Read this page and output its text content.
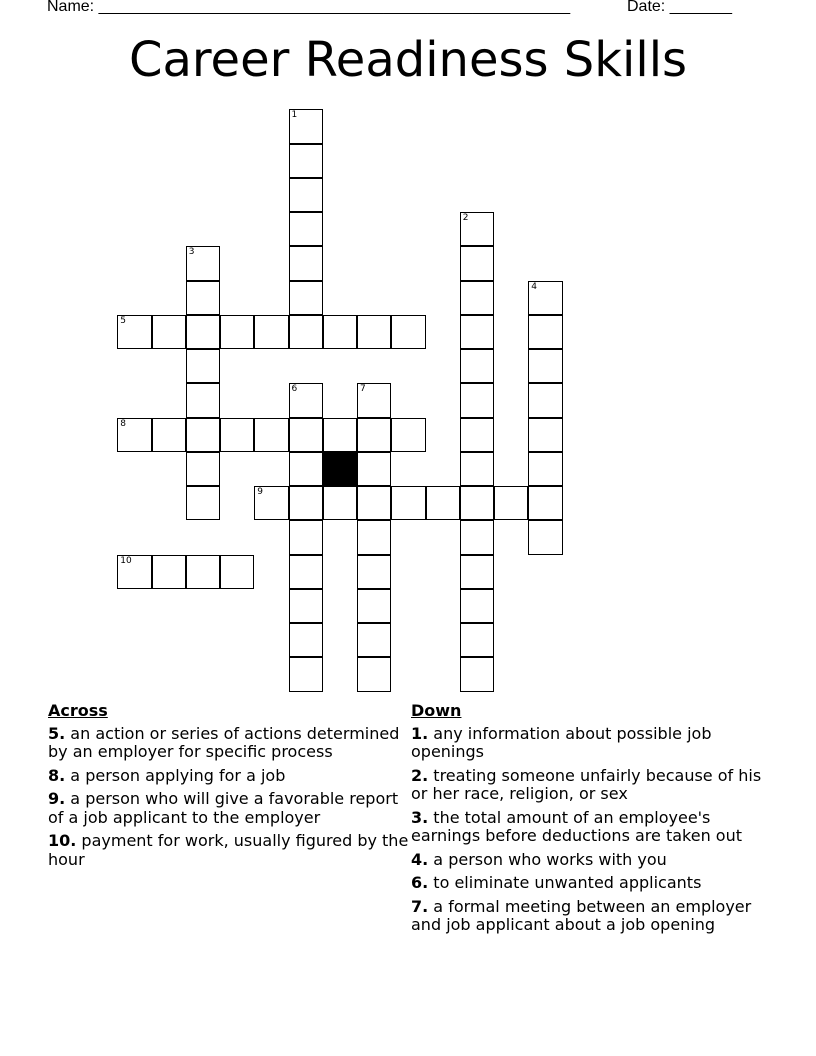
Name: _____________________________________________________	Date: _______
Career Readiness Skills
1
2
3
4
5
6	7
8
9
10
Across
5. an action or series of actions determined by an employer for specific process
8. a person applying for a job
9. a person who will give a favorable report of a job applicant to the employer
10. payment for work, usually figured by the hour
Down
1. any information about possible job openings
2. treating someone unfairly because of his or her race, religion, or sex
3. the total amount of an employee's earnings before deductions are taken out
4. a person who works with you
6. to eliminate unwanted applicants
7. a formal meeting between an employer and job applicant about a job opening
